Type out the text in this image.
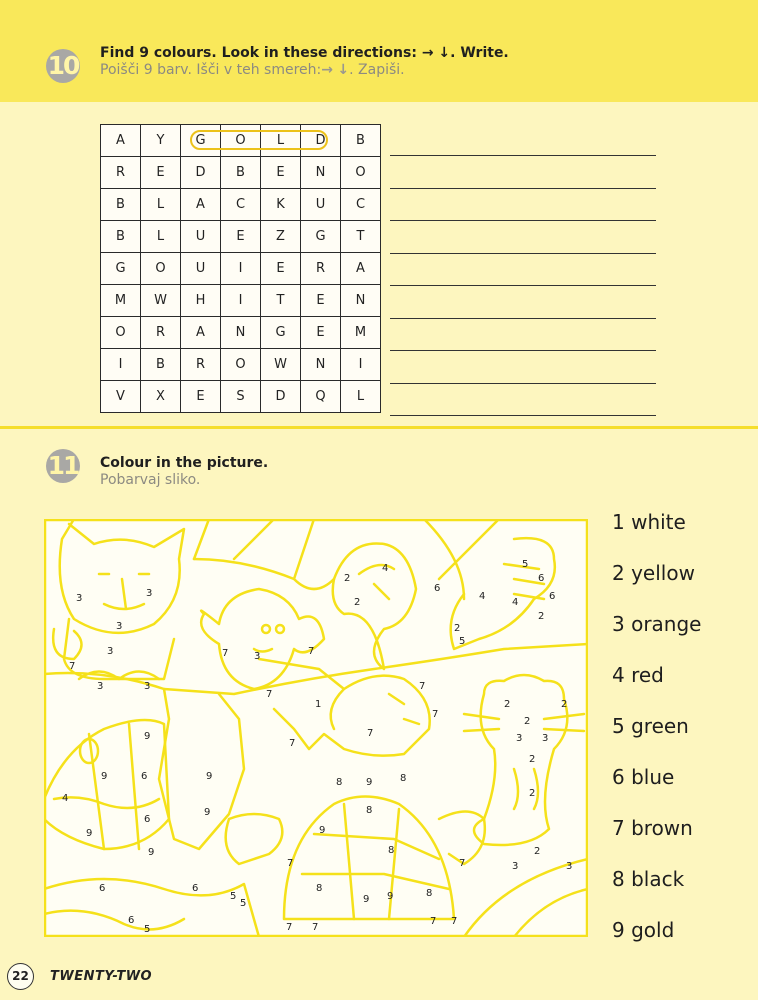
10 Find 9 colours. Look in these directions: → ↓. Write.
Poišči 9 barv. Išči v teh smereh:→ ↓. Zapiši.
A	Y	G	O	L	D	B
R	E	D	B	E	N	O
B	L	A	C	K	U	C
B	L	U	E	Z	G	T
G	O	U	I	E	R	A
M	W	H	I	T	E	N
O	R	A	N	G	E	M
I	B	R	O	W	N	I
V	X	E	S	D	Q	L
11 Colour in the picture.
Pobarvaj sliko.
2
4	5
6
6
2
4
4
2
3	3
3
7
3
3
7
3
3
7
7
6
2
5
7
7
7
7
2
2	2
3 3
2
2
9
9	6	9
4
6
9
9
9
8 9	8
8
9
8
6
5
6
6
5
5
7	7
7 7
8
9 9	8
3	3
2
7 7
1
1 white
2 yellow
3 orange
4 red
5 green
6 blue
7 brown
8 black
9 gold
22	TWENTY-TWO
